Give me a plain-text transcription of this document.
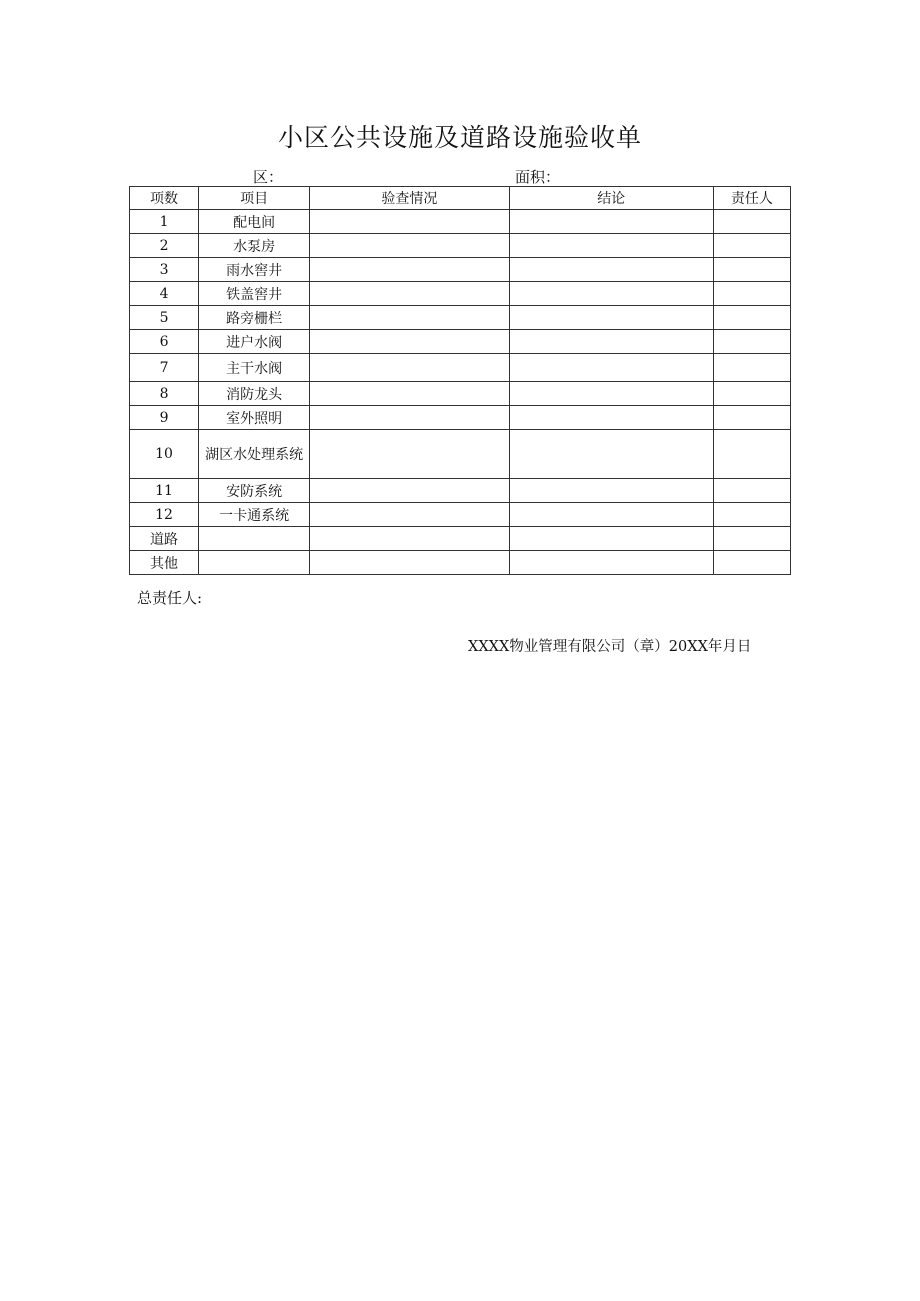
小区公共设施及道路设施验收单
区：	面积：
项数	项目	验查情况	结论	责任人
1	配电间			
2	水泵房			
3	雨水窖井			
4	铁盖窖井			
5	路旁栅栏			
6	进户水阀			
7	主干水阀			
8	消防龙头			
9	室外照明			
10	湖区水处理系统			
11	安防系统			
12	一卡通系统			
道路				
其他				
总责任人:
XXXX物业管理有限公司（章）20XX年月日
